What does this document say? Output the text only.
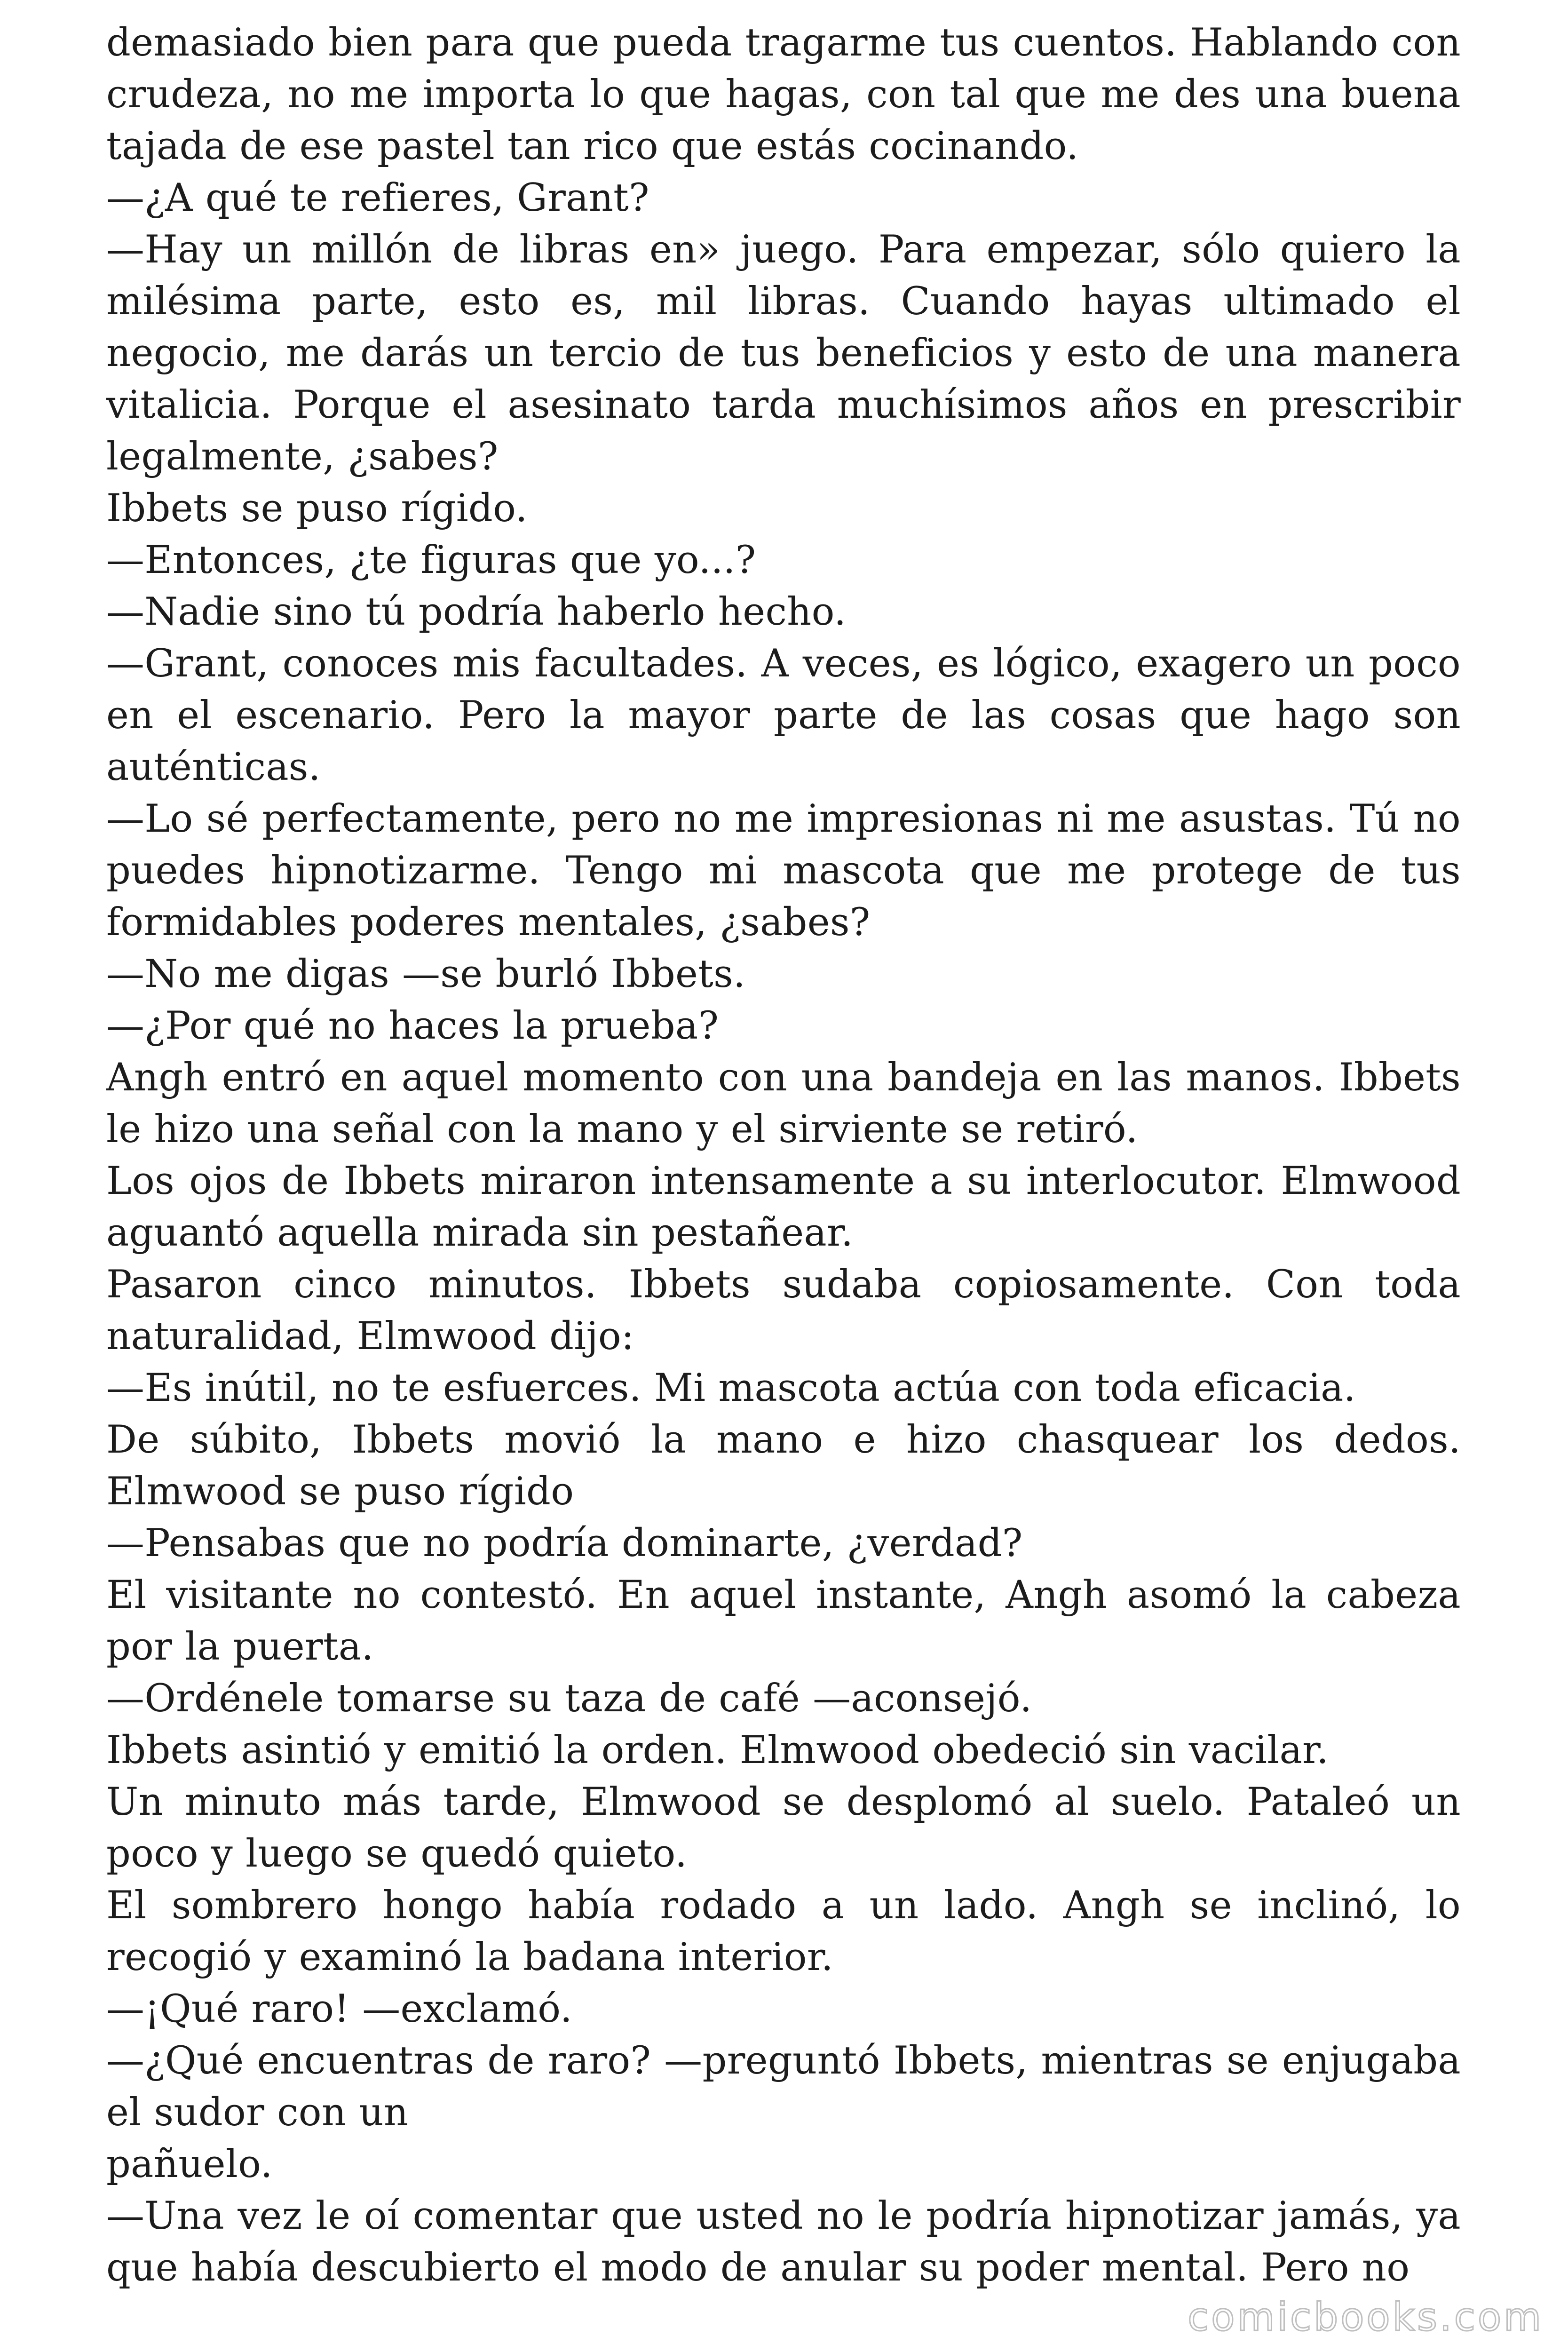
demasiado bien para que pueda tragarme tus cuentos. Hablando con crudeza, no me importa lo que hagas, con tal que me des una buena tajada de ese pastel tan rico que estás cocinando.

—¿A qué te refieres, Grant?

—Hay un millón de libras en» juego. Para empezar, sólo quiero la milésima parte, esto es, mil libras. Cuando hayas ultimado el negocio, me darás un tercio de tus beneficios y esto de una manera vitalicia. Porque el asesinato tarda muchísimos años en prescribir legalmente, ¿sabes?

Ibbets se puso rígido.

—Entonces, ¿te figuras que yo...?

—Nadie sino tú podría haberlo hecho.

—Grant, conoces mis facultades. A veces, es lógico, exagero un poco en el escenario. Pero la mayor parte de las cosas que hago son auténticas.

—Lo sé perfectamente, pero no me impresionas ni me asustas. Tú no puedes hipnotizarme. Tengo mi mascota que me protege de tus formidables poderes mentales, ¿sabes?

—No me digas —se burló Ibbets.

—¿Por qué no haces la prueba?

Angh entró en aquel momento con una bandeja en las manos. Ibbets le hizo una señal con la mano y el sirviente se retiró.

Los ojos de Ibbets miraron intensamente a su interlocutor. Elmwood aguantó aquella mirada sin pestañear.

Pasaron cinco minutos. Ibbets sudaba copiosamente. Con toda naturalidad, Elmwood dijo:

—Es inútil, no te esfuerces. Mi mascota actúa con toda eficacia.

De súbito, Ibbets movió la mano e hizo chasquear los dedos. Elmwood se puso rígido

—Pensabas que no podría dominarte, ¿verdad?

El visitante no contestó. En aquel instante, Angh asomó la cabeza por la puerta.

—Ordénele tomarse su taza de café —aconsejó.

Ibbets asintió y emitió la orden. Elmwood obedeció sin vacilar.

Un minuto más tarde, Elmwood se desplomó al suelo. Pataleó un poco y luego se quedó quieto.

El sombrero hongo había rodado a un lado. Angh se inclinó, lo recogió y examinó la badana interior.

—¡Qué raro! —exclamó.

—¿Qué encuentras de raro? —preguntó Ibbets, mientras se enjugaba el sudor con un

pañuelo.

—Una vez le oí comentar que usted no le podría hipnotizar jamás, ya que había descubierto el modo de anular su poder mental. Pero no

comicbooks.com
